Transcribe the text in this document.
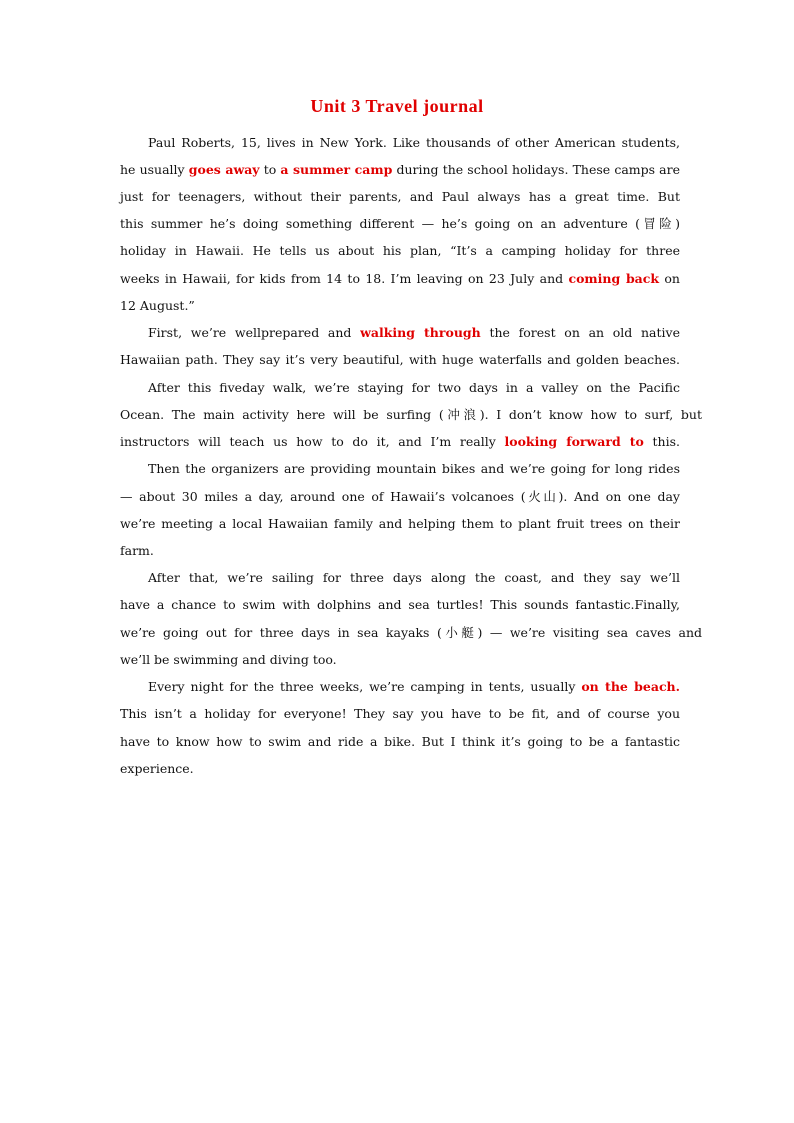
Unit 3 Travel journal
Paul Roberts, 15, lives in New York. Like thousands of other American students,
he usually goes away to a summer camp during the school holidays. These camps are
just for teenagers, without their parents, and Paul always has a great time. But
this summer he’s doing something different — he’s going on an adventure (冒险)
holiday in Hawaii. He tells us about his plan, “It’s a camping holiday for three
weeks in Hawaii, for kids from 14 to 18. I’m leaving on 23 July and coming back on
12 August.”
First, we’re wellprepared and walking through the forest on an old native
Hawaiian path. They say it’s very beautiful, with huge waterfalls and golden beaches.
After this fiveday walk, we’re staying for two days in a valley on the Pacific
Ocean. The main activity here will be surfing (冲浪). I don’t know how to surf, but
instructors will teach us how to do it, and I’m really looking forward to this.
Then the organizers are providing mountain bikes and we’re going for long rides
— about 30 miles a day, around one of Hawaii’s volcanoes (火山). And on one day
we’re meeting a local Hawaiian family and helping them to plant fruit trees on their
farm.
After that, we’re sailing for three days along the coast, and they say we’ll
have a chance to swim with dolphins and sea turtles! This sounds fantastic.Finally,
we’re going out for three days in sea kayaks (小艇) — we’re visiting sea caves and
we’ll be swimming and diving too.
Every night for the three weeks, we’re camping in tents, usually on the beach.
This isn’t a holiday for everyone! They say you have to be fit, and of course you
have to know how to swim and ride a bike. But I think it’s going to be a fantastic
experience.
